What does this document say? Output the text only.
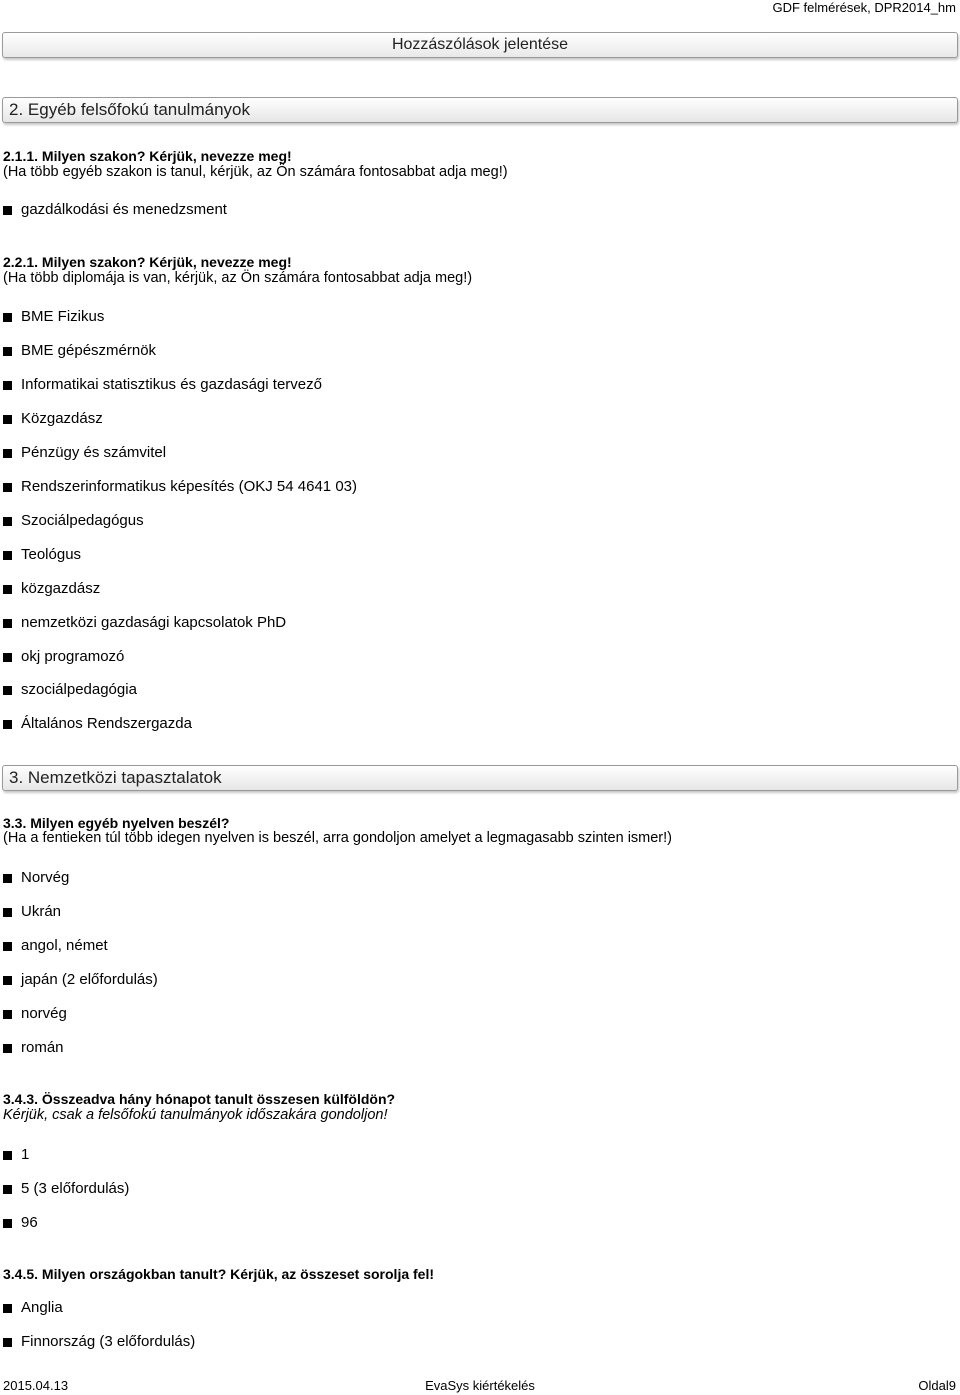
GDF felmérések, DPR2014_hm
Hozzászólások jelentése
2. Egyéb felsőfokú tanulmányok
2.1.1. Milyen szakon? Kérjük, nevezze meg!
(Ha több egyéb szakon is tanul, kérjük, az Ön számára fontosabbat adja meg!)
gazdálkodási és menedzsment
2.2.1. Milyen szakon? Kérjük, nevezze meg!
(Ha több diplomája is van, kérjük, az Ön számára fontosabbat adja meg!)
BME Fizikus
BME gépészmérnök
Informatikai statisztikus és gazdasági tervező
Közgazdász
Pénzügy és számvitel
Rendszerinformatikus képesítés (OKJ 54 4641 03)
Szociálpedagógus
Teológus
közgazdász
nemzetközi gazdasági kapcsolatok PhD
okj programozó
szociálpedagógia
Általános Rendszergazda
3. Nemzetközi tapasztalatok
3.3. Milyen egyéb nyelven beszél?
(Ha a fentieken túl több idegen nyelven is beszél, arra gondoljon amelyet a legmagasabb szinten ismer!)
Norvég
Ukrán
angol, német
japán (2 előfordulás)
norvég
román
3.4.3. Összeadva hány hónapot tanult összesen külföldön?
Kérjük, csak a felsőfokú tanulmányok időszakára gondoljon!
1
5 (3 előfordulás)
96
3.4.5. Milyen országokban tanult? Kérjük, az összeset sorolja fel!
Anglia
Finnország (3 előfordulás)
2015.04.13	EvaSys kiértékelés	Oldal9
